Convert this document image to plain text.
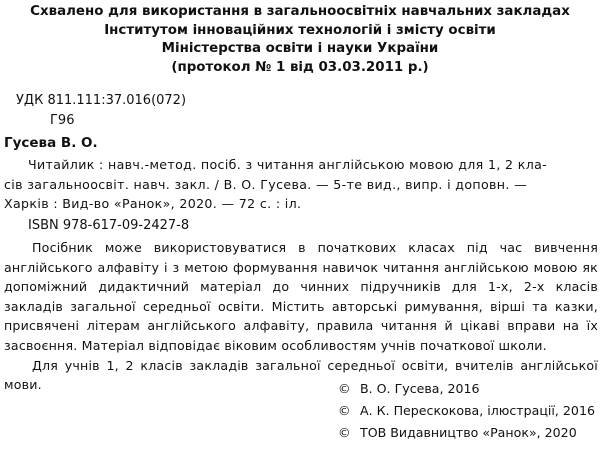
Схвалено для використання в загальноосвітніх навчальних закладах
Інститутом інноваційних технологій і змісту освіти
Міністерства освіти і науки України
(протокол № 1 від 03.03.2011 р.)
УДК 811.111:37.016(072)
Г96
Гусева В. О.
Читайлик : навч.-метод. посіб. з читання англійською мовою для 1, 2 кла-
сів загальноосвіт. навч. закл. / В. О. Гусева. — 5-те вид., випр. і доповн. —
Харків : Вид-во «Ранок», 2020. — 72 с. : іл.
ISBN 978-617-09-2427-8

Посібник може використовуватися в початкових класах під час вивчення англійського алфавіту і з метою формування навичок читання англійською мовою як допоміжний дидактичний матеріал до чинних підручників для 1-х, 2-х класів закладів загальної середньої освіти. Містить авторські римування, вірші та казки, присвячені літерам англійського алфавіту, правила читання й цікаві вправи на їх засвоєння. Матеріал відповідає віковим особливостям учнів початкової школи.

Для учнів 1, 2 класів закладів загальної середньої освіти, вчителів англійської мови.	© В. О. Гусева, 2016
© А. К. Перескокова, ілюстрації, 2016
© ТОВ Видавництво «Ранок», 2020
